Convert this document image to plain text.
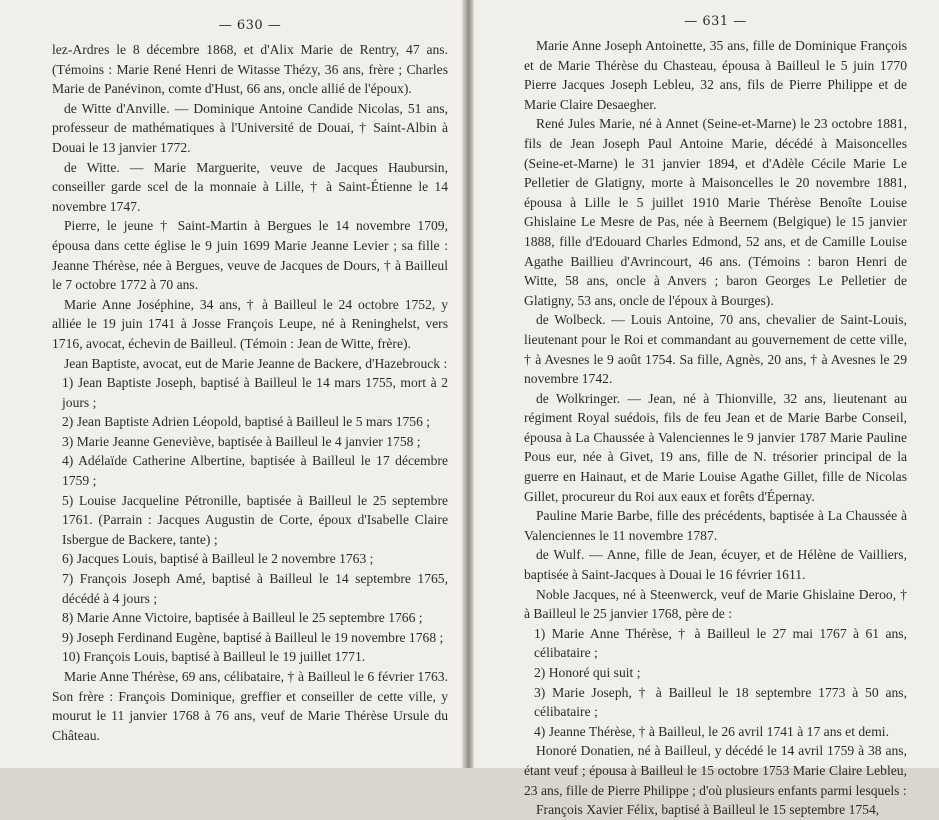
— 630 —

lez-Ardres le 8 décembre 1868, et d'Alix Marie de Rentry, 47 ans. (Témoins : Marie René Henri de Witasse Thézy, 36 ans, frère ; Charles Marie de Panévinon, comte d'Hust, 66 ans, oncle allié de l'époux).

de Witte d'Anville. — Dominique Antoine Candide Nicolas, 51 ans, professeur de mathématiques à l'Université de Douai, † Saint-Albin à Douai le 13 janvier 1772.

de Witte. — Marie Marguerite, veuve de Jacques Haubursin, conseiller garde scel de la monnaie à Lille, † à Saint-Étienne le 14 novembre 1747.

Pierre, le jeune † Saint-Martin à Bergues le 14 novembre 1709, épousa dans cette église le 9 juin 1699 Marie Jeanne Levier ; sa fille : Jeanne Thérèse, née à Bergues, veuve de Jacques de Dours, † à Bailleul le 7 octobre 1772 à 70 ans.

Marie Anne Joséphine, 34 ans, † à Bailleul le 24 octobre 1752, y alliée le 19 juin 1741 à Josse François Leupe, né à Reninghelst, vers 1716, avocat, échevin de Bailleul. (Témoin : Jean de Witte, frère).

Jean Baptiste, avocat, eut de Marie Jeanne de Backere, d'Hazebrouck :

1) Jean Baptiste Joseph, baptisé à Bailleul le 14 mars 1755, mort à 2 jours ;

2) Jean Baptiste Adrien Léopold, baptisé à Bailleul le 5 mars 1756 ;

3) Marie Jeanne Geneviève, baptisée à Bailleul le 4 janvier 1758 ;

4) Adélaïde Catherine Albertine, baptisée à Bailleul le 17 décembre 1759 ;

5) Louise Jacqueline Pétronille, baptisée à Bailleul le 25 septembre 1761. (Parrain : Jacques Augustin de Corte, époux d'Isabelle Claire Isbergue de Backere, tante) ;

6) Jacques Louis, baptisé à Bailleul le 2 novembre 1763 ;

7) François Joseph Amé, baptisé à Bailleul le 14 septembre 1765, décédé à 4 jours ;

8) Marie Anne Victoire, baptisée à Bailleul le 25 septembre 1766 ;

9) Joseph Ferdinand Eugène, baptisé à Bailleul le 19 novembre 1768 ;

10) François Louis, baptisé à Bailleul le 19 juillet 1771.

Marie Anne Thérèse, 69 ans, célibataire, † à Bailleul le 6 février 1763. Son frère : François Dominique, greffier et conseiller de cette ville, y mourut le 11 janvier 1768 à 76 ans, veuf de Marie Thérèse Ursule du Château.

— 631 —

Marie Anne Joseph Antoinette, 35 ans, fille de Dominique François et de Marie Thérèse du Chasteau, épousa à Bailleul le 5 juin 1770 Pierre Jacques Joseph Lebleu, 32 ans, fils de Pierre Philippe et de Marie Claire Desaegher.

René Jules Marie, né à Annet (Seine-et-Marne) le 23 octobre 1881, fils de Jean Joseph Paul Antoine Marie, décédé à Maisoncelles (Seine-et-Marne) le 31 janvier 1894, et d'Adèle Cécile Marie Le Pelletier de Glatigny, morte à Maisoncelles le 20 novembre 1881, épousa à Lille le 5 juillet 1910 Marie Thérèse Benoîte Louise Ghislaine Le Mesre de Pas, née à Beernem (Belgique) le 15 janvier 1888, fille d'Edouard Charles Edmond, 52 ans, et de Camille Louise Agathe Baillieu d'Avrincourt, 46 ans. (Témoins : baron Henri de Witte, 58 ans, oncle à Anvers ; baron Georges Le Pelletier de Glatigny, 53 ans, oncle de l'époux à Bourges).

de Wolbeck. — Louis Antoine, 70 ans, chevalier de Saint-Louis, lieutenant pour le Roi et commandant au gouvernement de cette ville, † à Avesnes le 9 août 1754. Sa fille, Agnès, 20 ans, † à Avesnes le 29 novembre 1742.

de Wolkringer. — Jean, né à Thionville, 32 ans, lieutenant au régiment Royal suédois, fils de feu Jean et de Marie Barbe Conseil, épousa à La Chaussée à Valenciennes le 9 janvier 1787 Marie Pauline Pous eur, née à Givet, 19 ans, fille de N. trésorier principal de la guerre en Hainaut, et de Marie Louise Agathe Gillet, fille de Nicolas Gillet, procureur du Roi aux eaux et forêts d'Épernay.

Pauline Marie Barbe, fille des précédents, baptisée à La Chaussée à Valenciennes le 11 novembre 1787.

de Wulf. — Anne, fille de Jean, écuyer, et de Hélène de Vailliers, baptisée à Saint-Jacques à Douai le 16 février 1611.

Noble Jacques, né à Steenwerck, veuf de Marie Ghislaine Deroo, † à Bailleul le 25 janvier 1768, père de :

1) Marie Anne Thérèse, † à Bailleul le 27 mai 1767 à 61 ans, célibataire ;

2) Honoré qui suit ;

3) Marie Joseph, † à Bailleul le 18 septembre 1773 à 50 ans, célibataire ;

4) Jeanne Thérèse, † à Bailleul, le 26 avril 1741 à 17 ans et demi.

Honoré Donatien, né à Bailleul, y décédé le 14 avril 1759 à 38 ans, étant veuf ; épousa à Bailleul le 15 octobre 1753 Marie Claire Lebleu, 23 ans, fille de Pierre Philippe ; d'où plusieurs enfants parmi lesquels :

François Xavier Félix, baptisé à Bailleul le 15 septembre 1754,
